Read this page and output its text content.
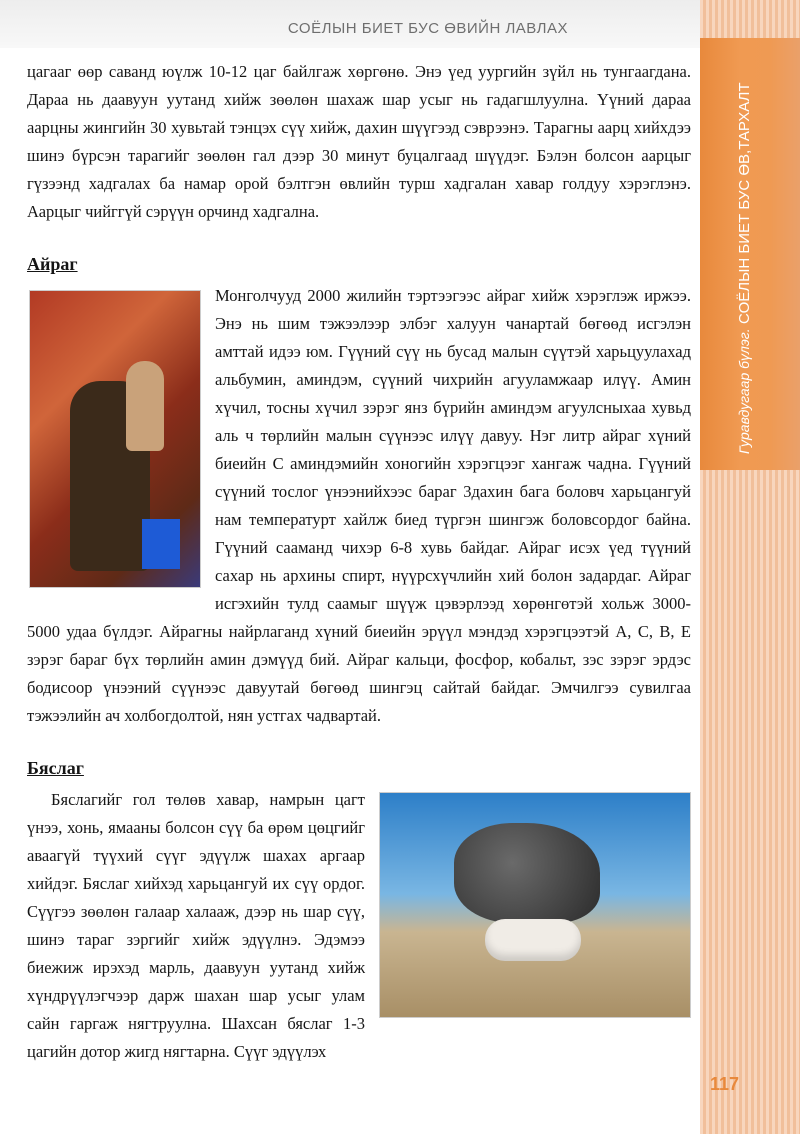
СОЁЛЫН БИЕТ БУС ӨВИЙН ЛАВЛАХ
Гуравдугаар бүлэг. СОЁЛЫН БИЕТ БУС ӨВ,ТАРХАЛТ

цагааг өөр саванд юүлж 10-12 цаг байлгаж хөргөнө. Энэ үед уургийн зүйл нь тунгаагдана. Дараа нь даавуун уутанд хийж зөөлөн шахаж шар усыг нь гадагшлуулна. Үүний дараа аарцны жингийн 30 хувьтай тэнцэх сүү хийж, дахин шүүгээд сэврээнэ. Тарагны аарц хийхдээ шинэ бүрсэн тарагийг зөөлөн гал дээр 30 минут буцалгаад шүүдэг. Бэлэн болсон аарцыг гүзээнд хадгалах ба намар орой бэлтгэн өвлийн турш хадгалан хавар голдуу хэрэглэнэ. Аарцыг чийггүй сэрүүн орчинд хадгална.

Айраг

Монголчууд 2000 жилийн тэртээгээс айраг хийж хэрэглэж иржээ. Энэ нь шим тэжээлээр элбэг халуун чанартай бөгөөд исгэлэн амттай идээ юм. Гүүний сүү нь бусад малын сүүтэй харьцуулахад альбумин, аминдэм, сүүний чихрийн агууламжаар илүү. Амин хүчил, тосны хүчил зэрэг янз бүрийн аминдэм агуулсныхаа хувьд аль ч төрлийн малын сүүнээс илүү давуу. Нэг литр айраг хүний биеийн С аминдэмийн хоногийн хэрэгцээг хангаж чадна. Гүүний сүүний тослог үнээнийхээс бараг 3дахин бага боловч харьцангуй нам температурт хайлж биед түргэн шингэж боловсордог байна. Гүүний сааманд чихэр 6-8 хувь байдаг. Айраг исэх үед түүний сахар нь архины спирт, нүүрсхүчлийн хий болон задардаг. Айраг исгэхийн тулд саамыг шүүж цэвэрлээд хөрөнгөтэй хольж 3000-5000 удаа бүлдэг. Айрагны найрлаганд хүний биеийн эрүүл мэндэд хэрэгцээтэй A, C, B, E зэрэг бараг бүх төрлийн амин дэмүүд бий. Айраг кальци, фосфор, кобальт, зэс зэрэг эрдэс бодисоор үнээний сүүнээс давуутай бөгөөд шингэц сайтай байдаг. Эмчилгээ сувилгаа тэжээлийн ач холбогдолтой, нян устгах чадвартай.

Бяслаг

Бяслагийг гол төлөв хавар, намрын цагт үнээ, хонь, ямааны болсон сүү ба өрөм цөцгийг аваагүй түүхий сүүг эдүүлж шахах аргаар хийдэг. Бяслаг хийхэд харьцангуй их сүү ордог. Сүүгээ зөөлөн галаар халааж, дээр нь шар сүү, шинэ тараг зэргийг хийж эдүүлнэ. Эдэмээ биежиж ирэхэд марль, даавуун уутанд хийж хүндрүүлэгчээр дарж шахан шар усыг улам сайн гаргаж нягтруулна. Шахсан бяслаг 1-3 цагийн дотор жигд нягтарна. Сүүг эдүүлэх

117
